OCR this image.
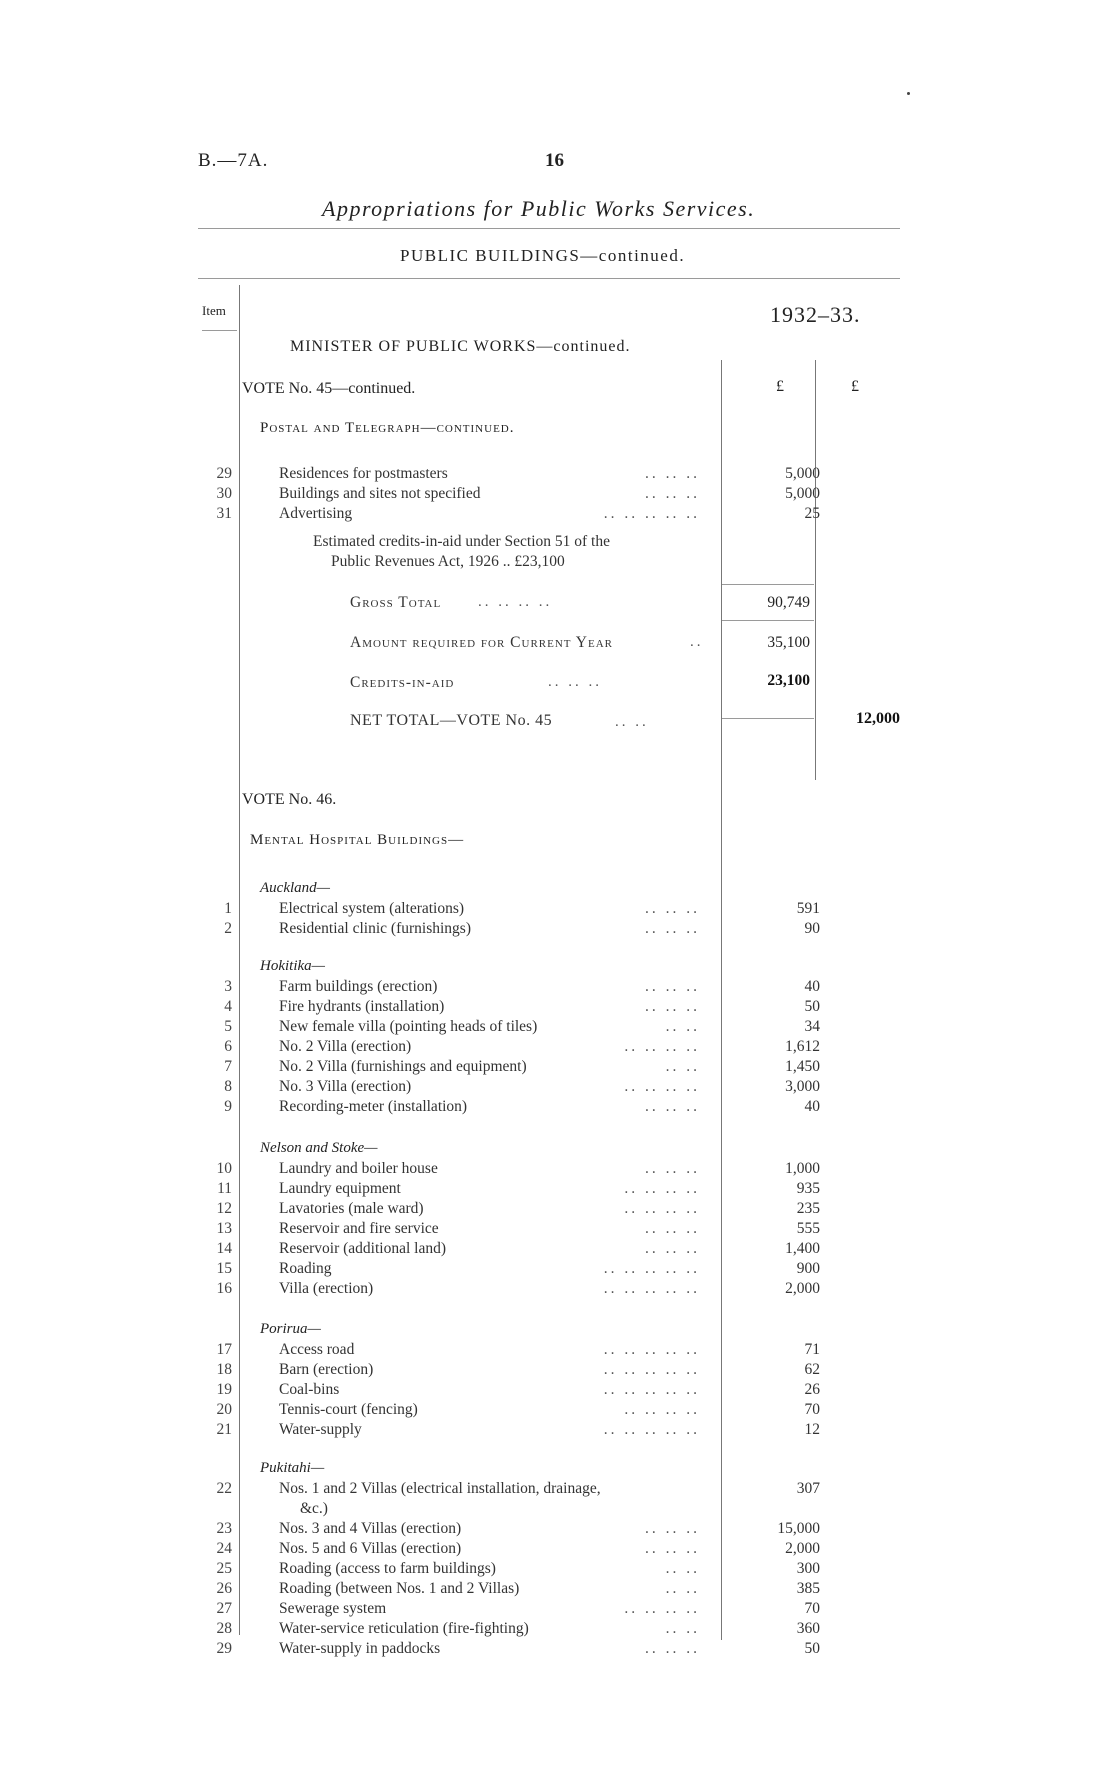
B.—7A.	16
Appropriations for Public Works Services.
PUBLIC BUILDINGS—continued.
Item	1932–33.
MINISTER OF PUBLIC WORKS—continued.
£	£
VOTE No. 45—continued.
Postal and Telegraph—continued.
Estimated credits-in-aid under Section 51 of the
Public Revenues Act, 1926 .. £23,100
Gross Total .. .. .. ..	90,749
Amount required for Current Year	..	35,100
Credits-in-aid	.. .. ..	23,100
NET TOTAL—VOTE No. 45	.. ..	12,000
VOTE No. 46.
Mental Hospital Buildings—
29	Residences for postmasters	.. .. ..	5,000
30	Buildings and sites not specified	.. .. ..	5,000
31	Advertising	.. .. .. .. ..	25
Auckland—
1	Electrical system (alterations)	.. .. ..	591
2	Residential clinic (furnishings)	.. .. ..	90
Hokitika—
3	Farm buildings (erection)	.. .. ..	40
4	Fire hydrants (installation)	.. .. ..	50
5	New female villa (pointing heads of tiles)	.. ..	34
6	No. 2 Villa (erection)	.. .. .. ..	1,612
7	No. 2 Villa (furnishings and equipment)	.. ..	1,450
8	No. 3 Villa (erection)	.. .. .. ..	3,000
9	Recording-meter (installation)	.. .. ..	40
Nelson and Stoke—
10	Laundry and boiler house	.. .. ..	1,000
11	Laundry equipment	.. .. .. ..	935
12	Lavatories (male ward)	.. .. .. ..	235
13	Reservoir and fire service	.. .. ..	555
14	Reservoir (additional land)	.. .. ..	1,400
15	Roading	.. .. .. .. ..	900
16	Villa (erection)	.. .. .. .. ..	2,000
Porirua—
17	Access road	.. .. .. .. ..	71
18	Barn (erection)	.. .. .. .. ..	62
19	Coal-bins	.. .. .. .. ..	26
20	Tennis-court (fencing)	.. .. .. ..	70
21	Water-supply	.. .. .. .. ..	12
Pukitahi—
22	Nos. 1 and 2 Villas (electrical installation, drainage,	307
&c.)
23	Nos. 3 and 4 Villas (erection)	.. .. ..	15,000
24	Nos. 5 and 6 Villas (erection)	.. .. ..	2,000
25	Roading (access to farm buildings)	.. ..	300
26	Roading (between Nos. 1 and 2 Villas)	.. ..	385
27	Sewerage system	.. .. .. ..	70
28	Water-service reticulation (fire-fighting)	.. ..	360
29	Water-supply in paddocks	.. .. ..	50
